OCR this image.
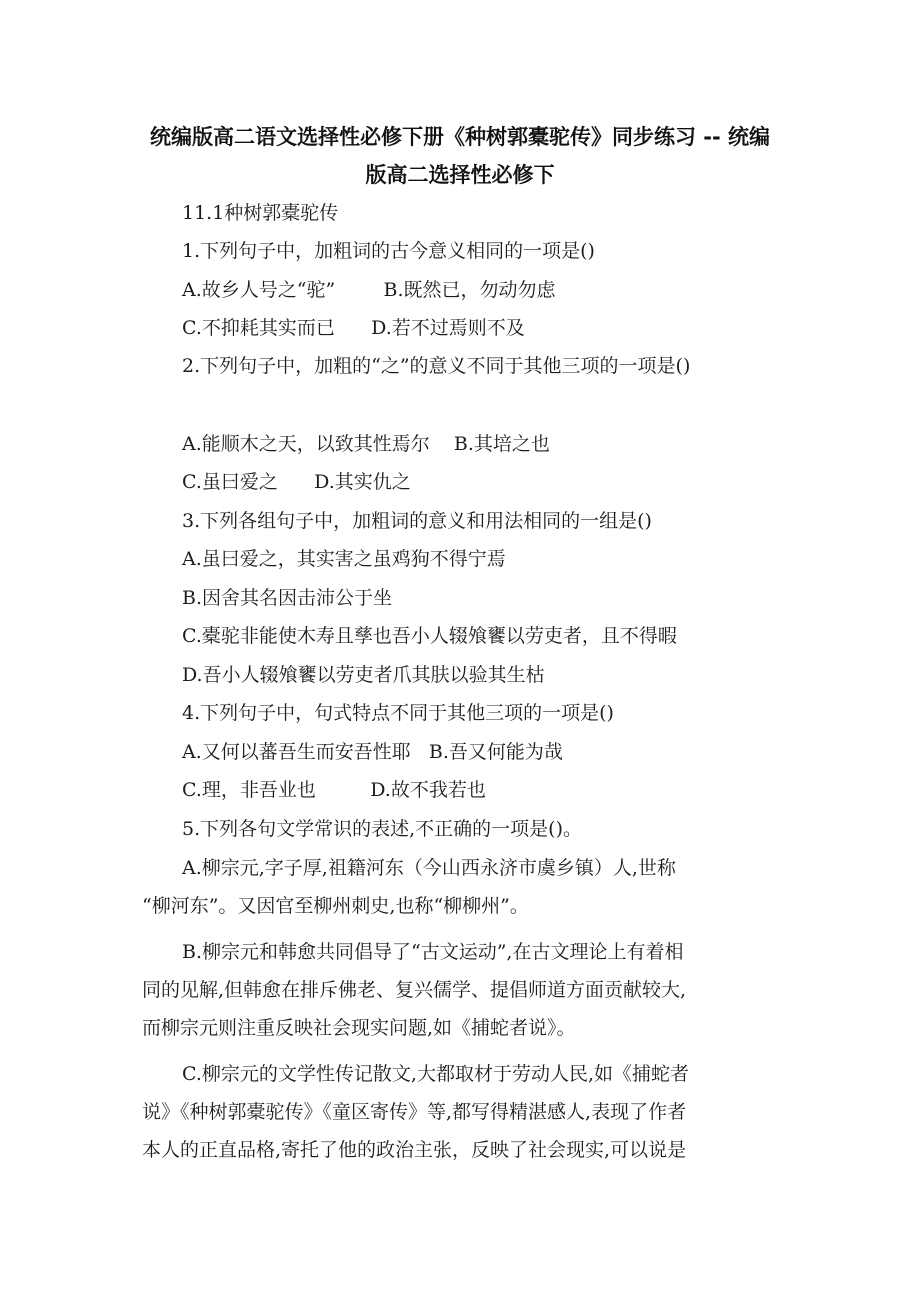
统编版高二语文选择性必修下册《种树郭橐驼传》同步练习 -- 统编
版高二选择性必修下
11.1种树郭橐驼传
1.下列句子中，加粗词的古今意义相同的一项是()
A.故乡人号之“驼”        B.既然已，勿动勿虑
C.不抑耗其实而已      D.若不过焉则不及
2.下列句子中，加粗的“之”的意义不同于其他三项的一项是()
A.能顺木之天，以致其性焉尔    B.其培之也
C.虽曰爱之      D.其实仇之
3.下列各组句子中，加粗词的意义和用法相同的一组是()
A.虽曰爱之，其实害之虽鸡狗不得宁焉
B.因舍其名因击沛公于坐
C.橐驼非能使木寿且孳也吾小人辍飧饔以劳吏者，且不得暇
D.吾小人辍飧饔以劳吏者爪其肤以验其生枯
4.下列句子中，句式特点不同于其他三项的一项是()
A.又何以蕃吾生而安吾性耶   B.吾又何能为哉
C.理，非吾业也         D.故不我若也
5.下列各句文学常识的表述,不正确的一项是()。
A.柳宗元,字子厚,祖籍河东（今山西永济市虞乡镇）人,世称
“柳河东”。又因官至柳州刺史,也称“柳柳州”。
B.柳宗元和韩愈共同倡导了“古文运动”,在古文理论上有着相
同的见解,但韩愈在排斥佛老、复兴儒学、提倡师道方面贡献较大,
而柳宗元则注重反映社会现实问题,如《捕蛇者说》。
C.柳宗元的文学性传记散文,大都取材于劳动人民,如《捕蛇者
说》《种树郭橐驼传》《童区寄传》等,都写得精湛感人,表现了作者
本人的正直品格,寄托了他的政治主张，反映了社会现实,可以说是
